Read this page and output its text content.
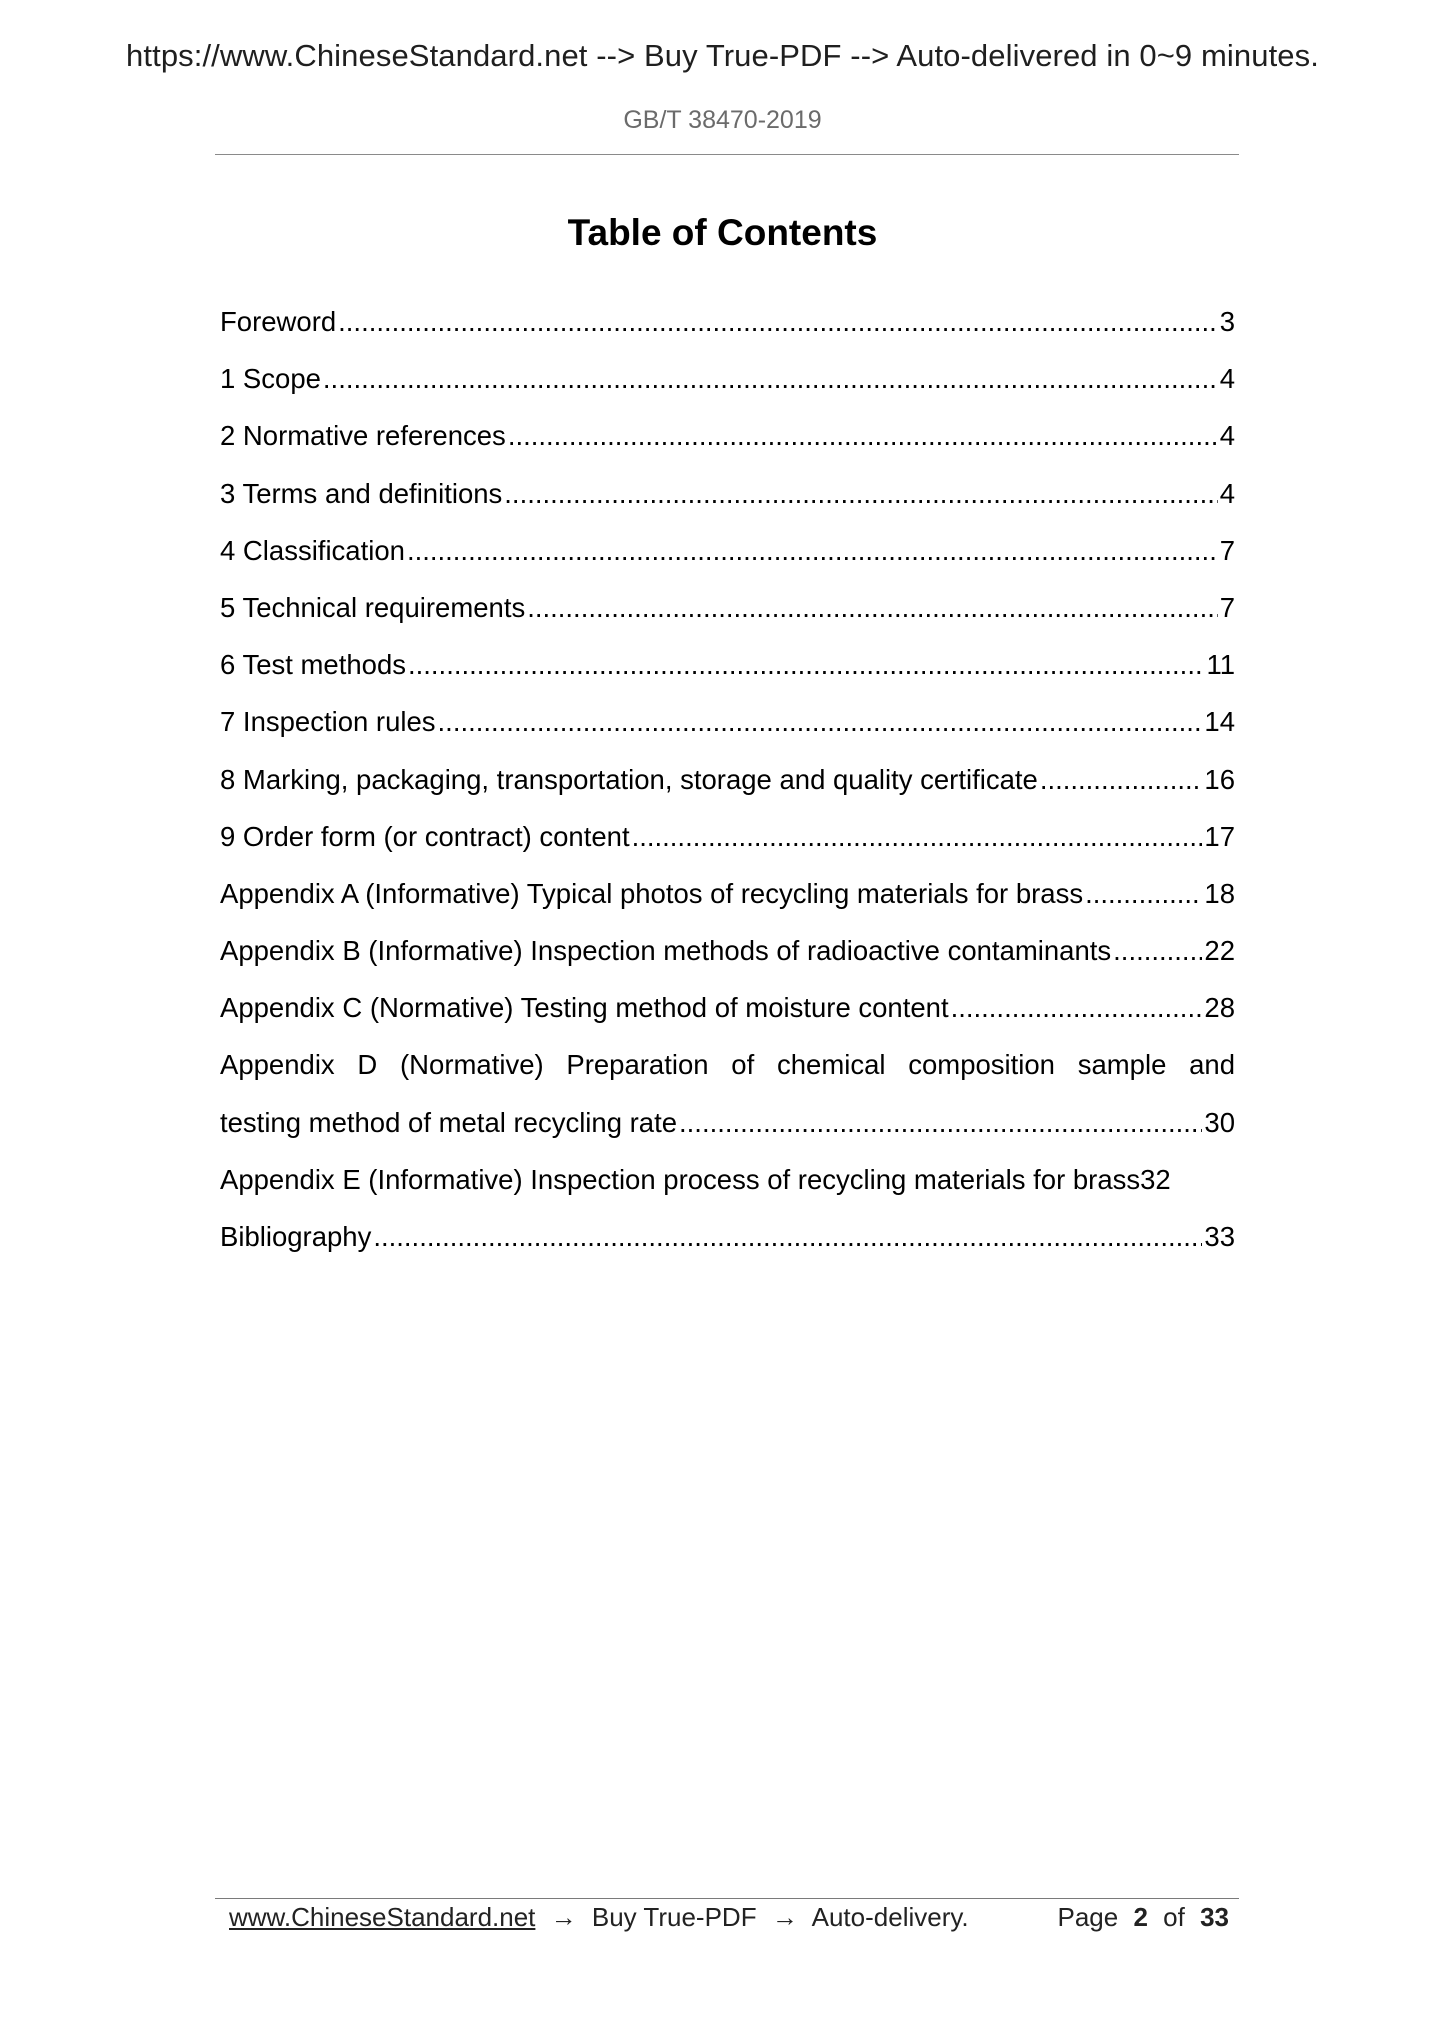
https://www.ChineseStandard.net --> Buy True-PDF --> Auto-delivered in 0~9 minutes.
GB/T 38470-2019
Table of Contents
Foreword .....	3
1 Scope .....	4
2 Normative references .....	4
3 Terms and definitions .....	4
4 Classification .....	7
5 Technical requirements .....	7
6 Test methods .....	11
7 Inspection rules .....	14
8 Marking, packaging, transportation, storage and quality certificate .....	16
9 Order form (or contract) content .....	17
Appendix A (Informative) Typical photos of recycling materials for brass .....	18
Appendix B (Informative) Inspection methods of radioactive contaminants .....	22
Appendix C (Normative) Testing method of moisture content .....	28
Appendix D (Normative) Preparation of chemical composition sample and
testing method of metal recycling rate .....	30
Appendix E (Informative) Inspection process of recycling materials for brass 32
Bibliography .....	33
www.ChineseStandard.net → Buy True-PDF → Auto-delivery.	Page 2 of 33
